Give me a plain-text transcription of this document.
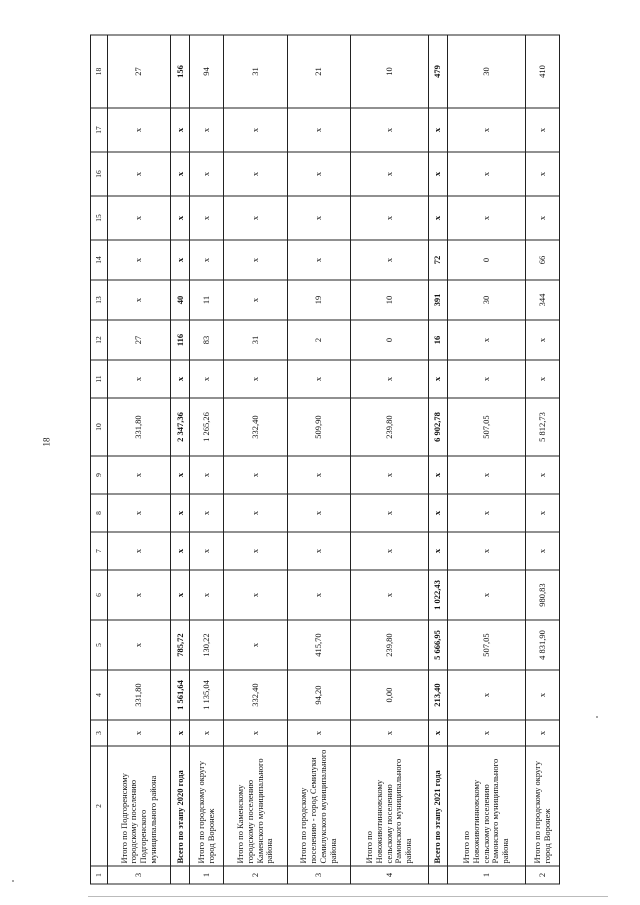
18
1	2	3	4	5	6	7	8	9	10	11	12	13	14	15	16	17	18
3	Итого по Подгоренскому городскому поселению Подгоренского муниципального района	х	331,80	х	х	х	х	х	331,80	х	27	х	х	х	х	х	27
	Всего по этапу 2020 года	х	1 561,64	785,72	х	х	х	х	2 347,36	х	116	40	х	х	х	х	156
1	Итого по городскому округу город Воронеж	х	1 135,04	130,22	х	х	х	х	1 265,26	х	83	11	х	х	х	х	94
2	Итого по Каменскому городскому поселению Каменского муниципального района	х	332,40	х	х	х	х	х	332,40	х	31	х	х	х	х	х	31
3	Итого по городскому поселению - город Семилуки Семилукского муниципального района	х	94,20	415,70	х	х	х	х	509,90	х	2	19	х	х	х	х	21
4	Итого по Новоживотинновскому сельскому поселению Рамонского муниципального района	х	0,00	239,80	х	х	х	х	239,80	х	0	10	х	х	х	х	10
	Всего по этапу 2021 года	х	213,40	5 666,95	1 022,43	х	х	х	6 902,78	х	16	391	72	х	х	х	479
1	Итого по Новоживотинновскому сельскому поселению Рамонского муниципального района	х	х	507,05	х	х	х	х	507,05	х	х	30	0	х	х	х	30
2	Итого по городскому округу город Воронеж	х	х	4 831,90	980,83	х	х	х	5 812,73	х	х	344	66	х	х	х	410
